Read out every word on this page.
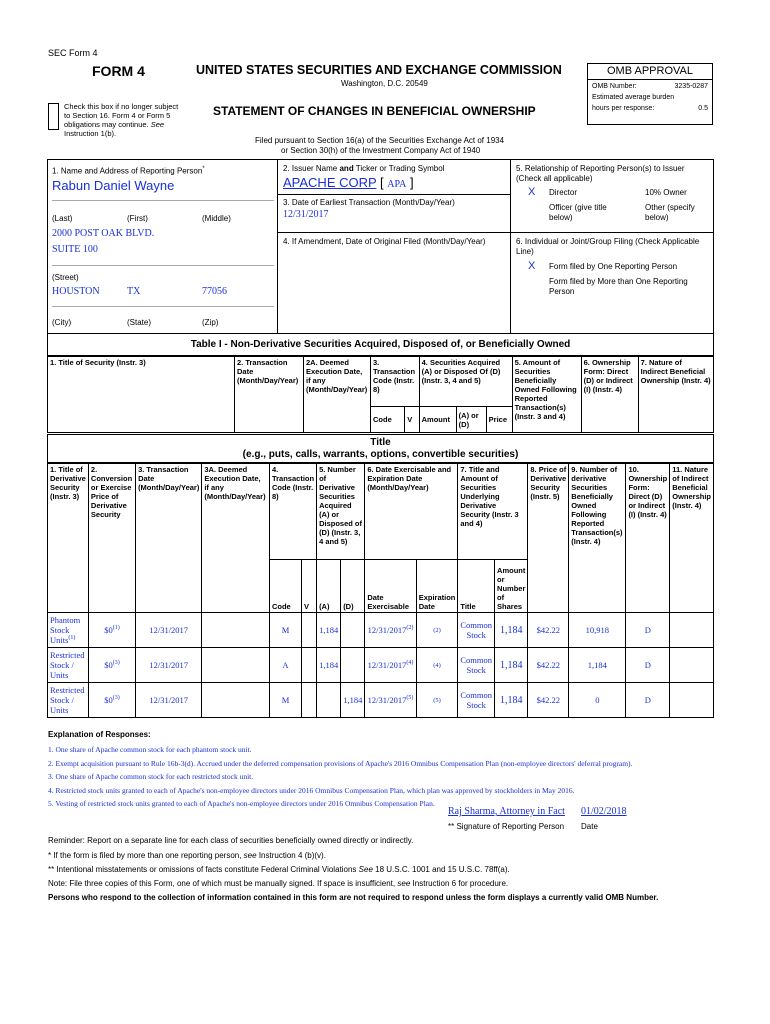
SEC Form 4
FORM 4	UNITED STATES SECURITIES AND EXCHANGE COMMISSION
Washington, D.C. 20549
STATEMENT OF CHANGES IN BENEFICIAL OWNERSHIP
Check this box if no longer subject to Section 16. Form 4 or Form 5 obligations may continue. See Instruction 1(b).
Filed pursuant to Section 16(a) of the Securities Exchange Act of 1934
or Section 30(h) of the Investment Company Act of 1940
OMB APPROVAL
OMB Number:	3235-0287
Estimated average burden
hours per response:	0.5
1. Name and Address of Reporting Person*
Rabun Daniel Wayne
(Last)	(First)	(Middle)
2000 POST OAK BLVD.
SUITE 100
(Street)
HOUSTON	TX	77056
(City)	(State)	(Zip)
2. Issuer Name and Ticker or Trading Symbol
APACHE CORP [ APA ]
3. Date of Earliest Transaction (Month/Day/Year)
12/31/2017
4. If Amendment, Date of Original Filed (Month/Day/Year)
5. Relationship of Reporting Person(s) to Issuer
(Check all applicable)
X Director	10% Owner
Officer (give title below)
Other (specify below)
6. Individual or Joint/Group Filing (Check Applicable Line)
X Form filed by One Reporting Person
Form filed by More than One Reporting Person
Table I - Non-Derivative Securities Acquired, Disposed of, or Beneficially Owned
1. Title of Security (Instr. 3)	2. Transaction Date (Month/Day/Year)	2A. Deemed Execution Date, if any (Month/Day/Year)	3. Transaction Code (Instr. 8)		4. Securities Acquired (A) or Disposed Of (D) (Instr. 3, 4 and 5)			5. Amount of Securities Beneficially Owned Following Reported Transaction(s) (Instr. 3 and 4)	6. Ownership Form: Direct (D) or Indirect (I) (Instr. 4)	7. Nature of Indirect Beneficial Ownership (Instr. 4)
			Code	V	Amount	(A) or (D)	Price			
Title
(e.g., puts, calls, warrants, options, convertible securities)
1. Title of Derivative Security (Instr. 3)	2. Conversion or Exercise Price of Derivative Security	3. Transaction Date (Month/Day/Year)	3A. Deemed Execution Date, if any (Month/Day/Year)	4. Transaction Code (Instr. 8)		5. Number of Derivative Securities Acquired (A) or Disposed of (D) (Instr. 3, 4 and 5)		6. Date Exercisable and Expiration Date (Month/Day/Year)		7. Title and Amount of Securities Underlying Derivative Security (Instr. 3 and 4)		8. Price of Derivative Security (Instr. 5)	9. Number of derivative Securities Beneficially Owned Following Reported Transaction(s) (Instr. 4)	10. Ownership Form: Direct (D) or Indirect (I) (Instr. 4)	11. Nature of Indirect Beneficial Ownership (Instr. 4)
				Code	V	(A)	(D)	Date Exercisable	Expiration Date	Title	Amount or Number of Shares				
Phantom Stock Units$^{(1)}$	$0$^{(1)}$	12/31/2017		M		1,184		12/31/2017$^{(2)}$	(2)	Common Stock	1,184	$42.22	10,918	D	
Restricted Stock / Units	$0$^{(3)}$	12/31/2017		A		1,184		12/31/2017$^{(4)}$	(4)	Common Stock	1,184	$42.22	1,184	D	
Restricted Stock / Units	$0$^{(3)}$	12/31/2017		M			1,184	12/31/2017$^{(5)}$	(5)	Common Stock	1,184	$42.22	0	D	
Explanation of Responses:
1. One share of Apache common stock for each phantom stock unit.
2. Exempt acquisition pursuant to Rule 16b-3(d). Accrued under the deferred compensation provisions of Apache's 2016 Omnibus Compensation Plan (non-employee directors' deferral program).
3. One share of Apache common stock for each restricted stock unit.
4. Restricted stock units granted to each of Apache's non-employee directors under 2016 Omnibus Compensation Plan, which plan was approved by stockholders in May 2016.
5. Vesting of restricted stock units granted to each of Apache's non-employee directors under 2016 Omnibus Compensation Plan.
Raj Sharma, Attorney in Fact 01/02/2018
** Signature of Reporting Person Date
Reminder: Report on a separate line for each class of securities beneficially owned directly or indirectly.
* If the form is filed by more than one reporting person, see Instruction 4 (b)(v).
** Intentional misstatements or omissions of facts constitute Federal Criminal Violations See 18 U.S.C. 1001 and 15 U.S.C. 78ff(a).
Note: File three copies of this Form, one of which must be manually signed. If space is insufficient, see Instruction 6 for procedure.
Persons who respond to the collection of information contained in this form are not required to respond unless the form displays a currently valid OMB Number.
